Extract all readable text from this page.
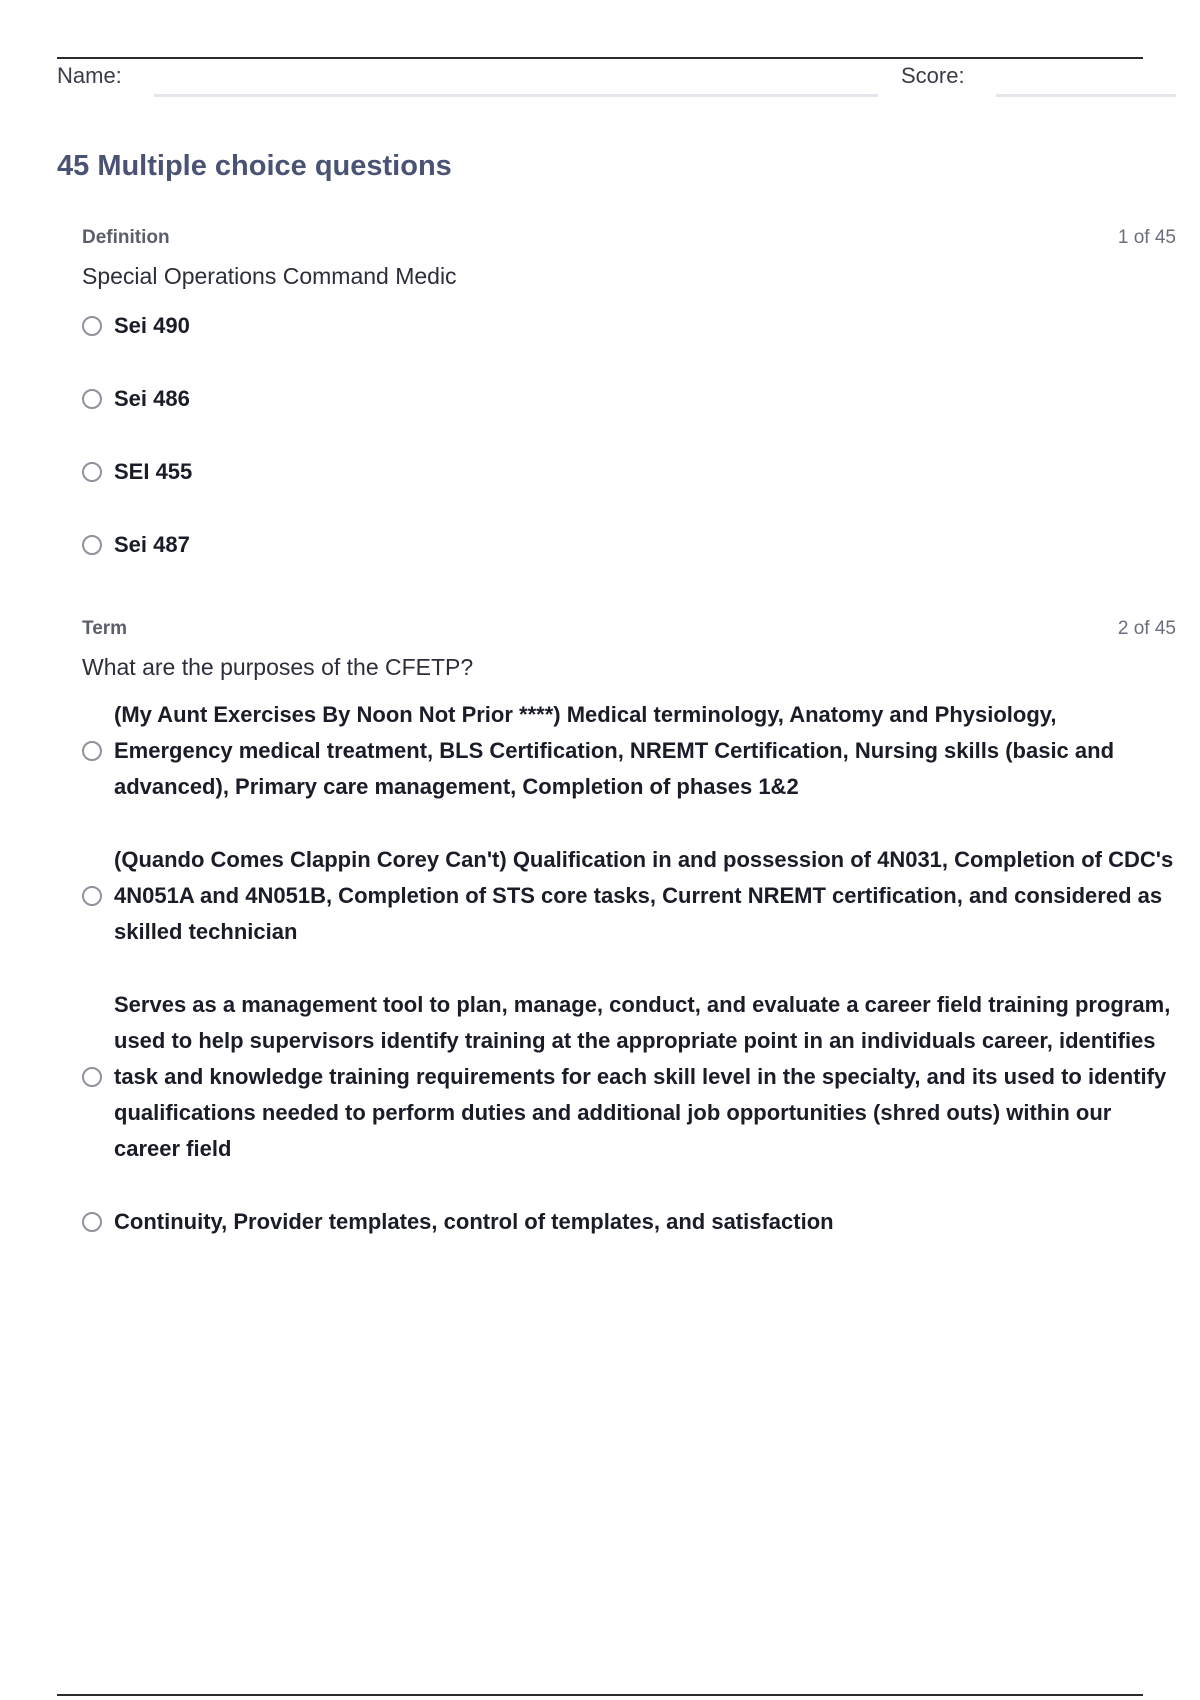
Name:	Score:
45 Multiple choice questions
Definition	1 of 45
Special Operations Command Medic
Sei 490
Sei 486
SEI 455
Sei 487
Term	2 of 45
What are the purposes of the CFETP?
(My Aunt Exercises By Noon Not Prior ****) Medical terminology, Anatomy and Physiology, Emergency medical treatment, BLS Certification, NREMT Certification, Nursing skills (basic and advanced), Primary care management, Completion of phases 1&2
(Quando Comes Clappin Corey Can't) Qualification in and possession of 4N031, Completion of CDC's 4N051A and 4N051B, Completion of STS core tasks, Current NREMT certification, and considered as skilled technician
Serves as a management tool to plan, manage, conduct, and evaluate a career field training program, used to help supervisors identify training at the appropriate point in an individuals career, identifies task and knowledge training requirements for each skill level in the specialty, and its used to identify qualifications needed to perform duties and additional job opportunities (shred outs) within our career field
Continuity, Provider templates, control of templates, and satisfaction
